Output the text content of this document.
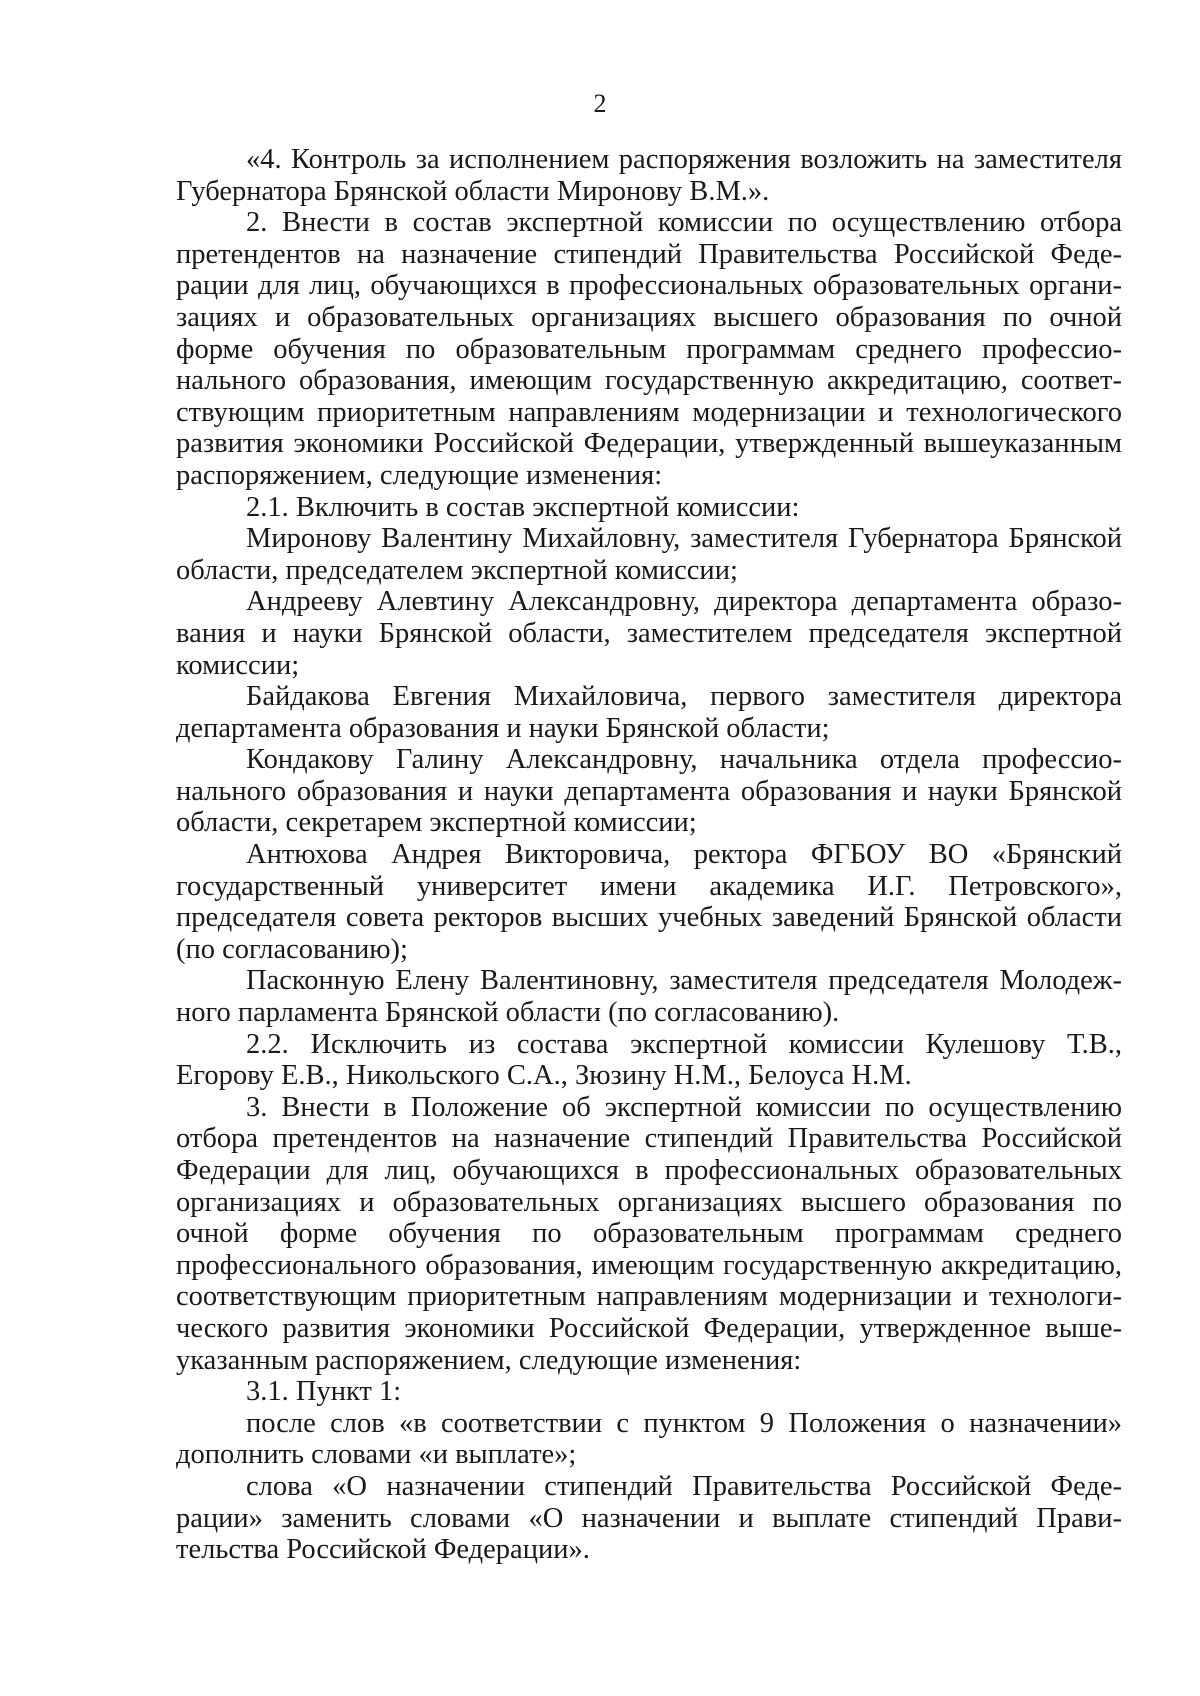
2

«4. Контроль за исполнением распоряжения возложить на заместителя Губернатора Брянской области Миронову В.М.».

2. Внести в состав экспертной комиссии по осуществлению отбора претендентов на назначение стипендий Правительства Российской Федерации для лиц, обучающихся в профессиональных образовательных организациях и образовательных организациях высшего образования по очной форме обучения по образовательным программам среднего профессионального образования, имеющим государственную аккредитацию, соответствующим приоритетным направлениям модернизации и технологического развития экономики Российской Федерации, утвержденный вышеуказанным распоряжением, следующие изменения:

2.1. Включить в состав экспертной комиссии:

Миронову Валентину Михайловну, заместителя Губернатора Брянской области, председателем экспертной комиссии;

Андрееву Алевтину Александровну, директора департамента образования и науки Брянской области, заместителем председателя экспертной комиссии;

Байдакова Евгения Михайловича, первого заместителя директора департамента образования и науки Брянской области;

Кондакову Галину Александровну, начальника отдела профессионального образования и науки департамента образования и науки Брянской области, секретарем экспертной комиссии;

Антюхова Андрея Викторовича, ректора ФГБОУ ВО «Брянский государственный университет имени академика И.Г. Петровского», председателя совета ректоров высших учебных заведений Брянской области (по согласованию);

Пасконную Елену Валентиновну, заместителя председателя Молодежного парламента Брянской области (по согласованию).

2.2. Исключить из состава экспертной комиссии Кулешову Т.В., Егорову Е.В., Никольского С.А., Зюзину Н.М., Белоуса Н.М.

3. Внести в Положение об экспертной комиссии по осуществлению отбора претендентов на назначение стипендий Правительства Российской Федерации для лиц, обучающихся в профессиональных образовательных организациях и образовательных организациях высшего образования по очной форме обучения по образовательным программам среднего профессионального образования, имеющим государственную аккредитацию, соответствующим приоритетным направлениям модернизации и технологического развития экономики Российской Федерации, утвержденное вышеуказанным распоряжением, следующие изменения:

3.1. Пункт 1:

после слов «в соответствии с пунктом 9 Положения о назначении» дополнить словами «и выплате»;

слова «О назначении стипендий Правительства Российской Федерации» заменить словами «О назначении и выплате стипендий Правительства Российской Федерации».
